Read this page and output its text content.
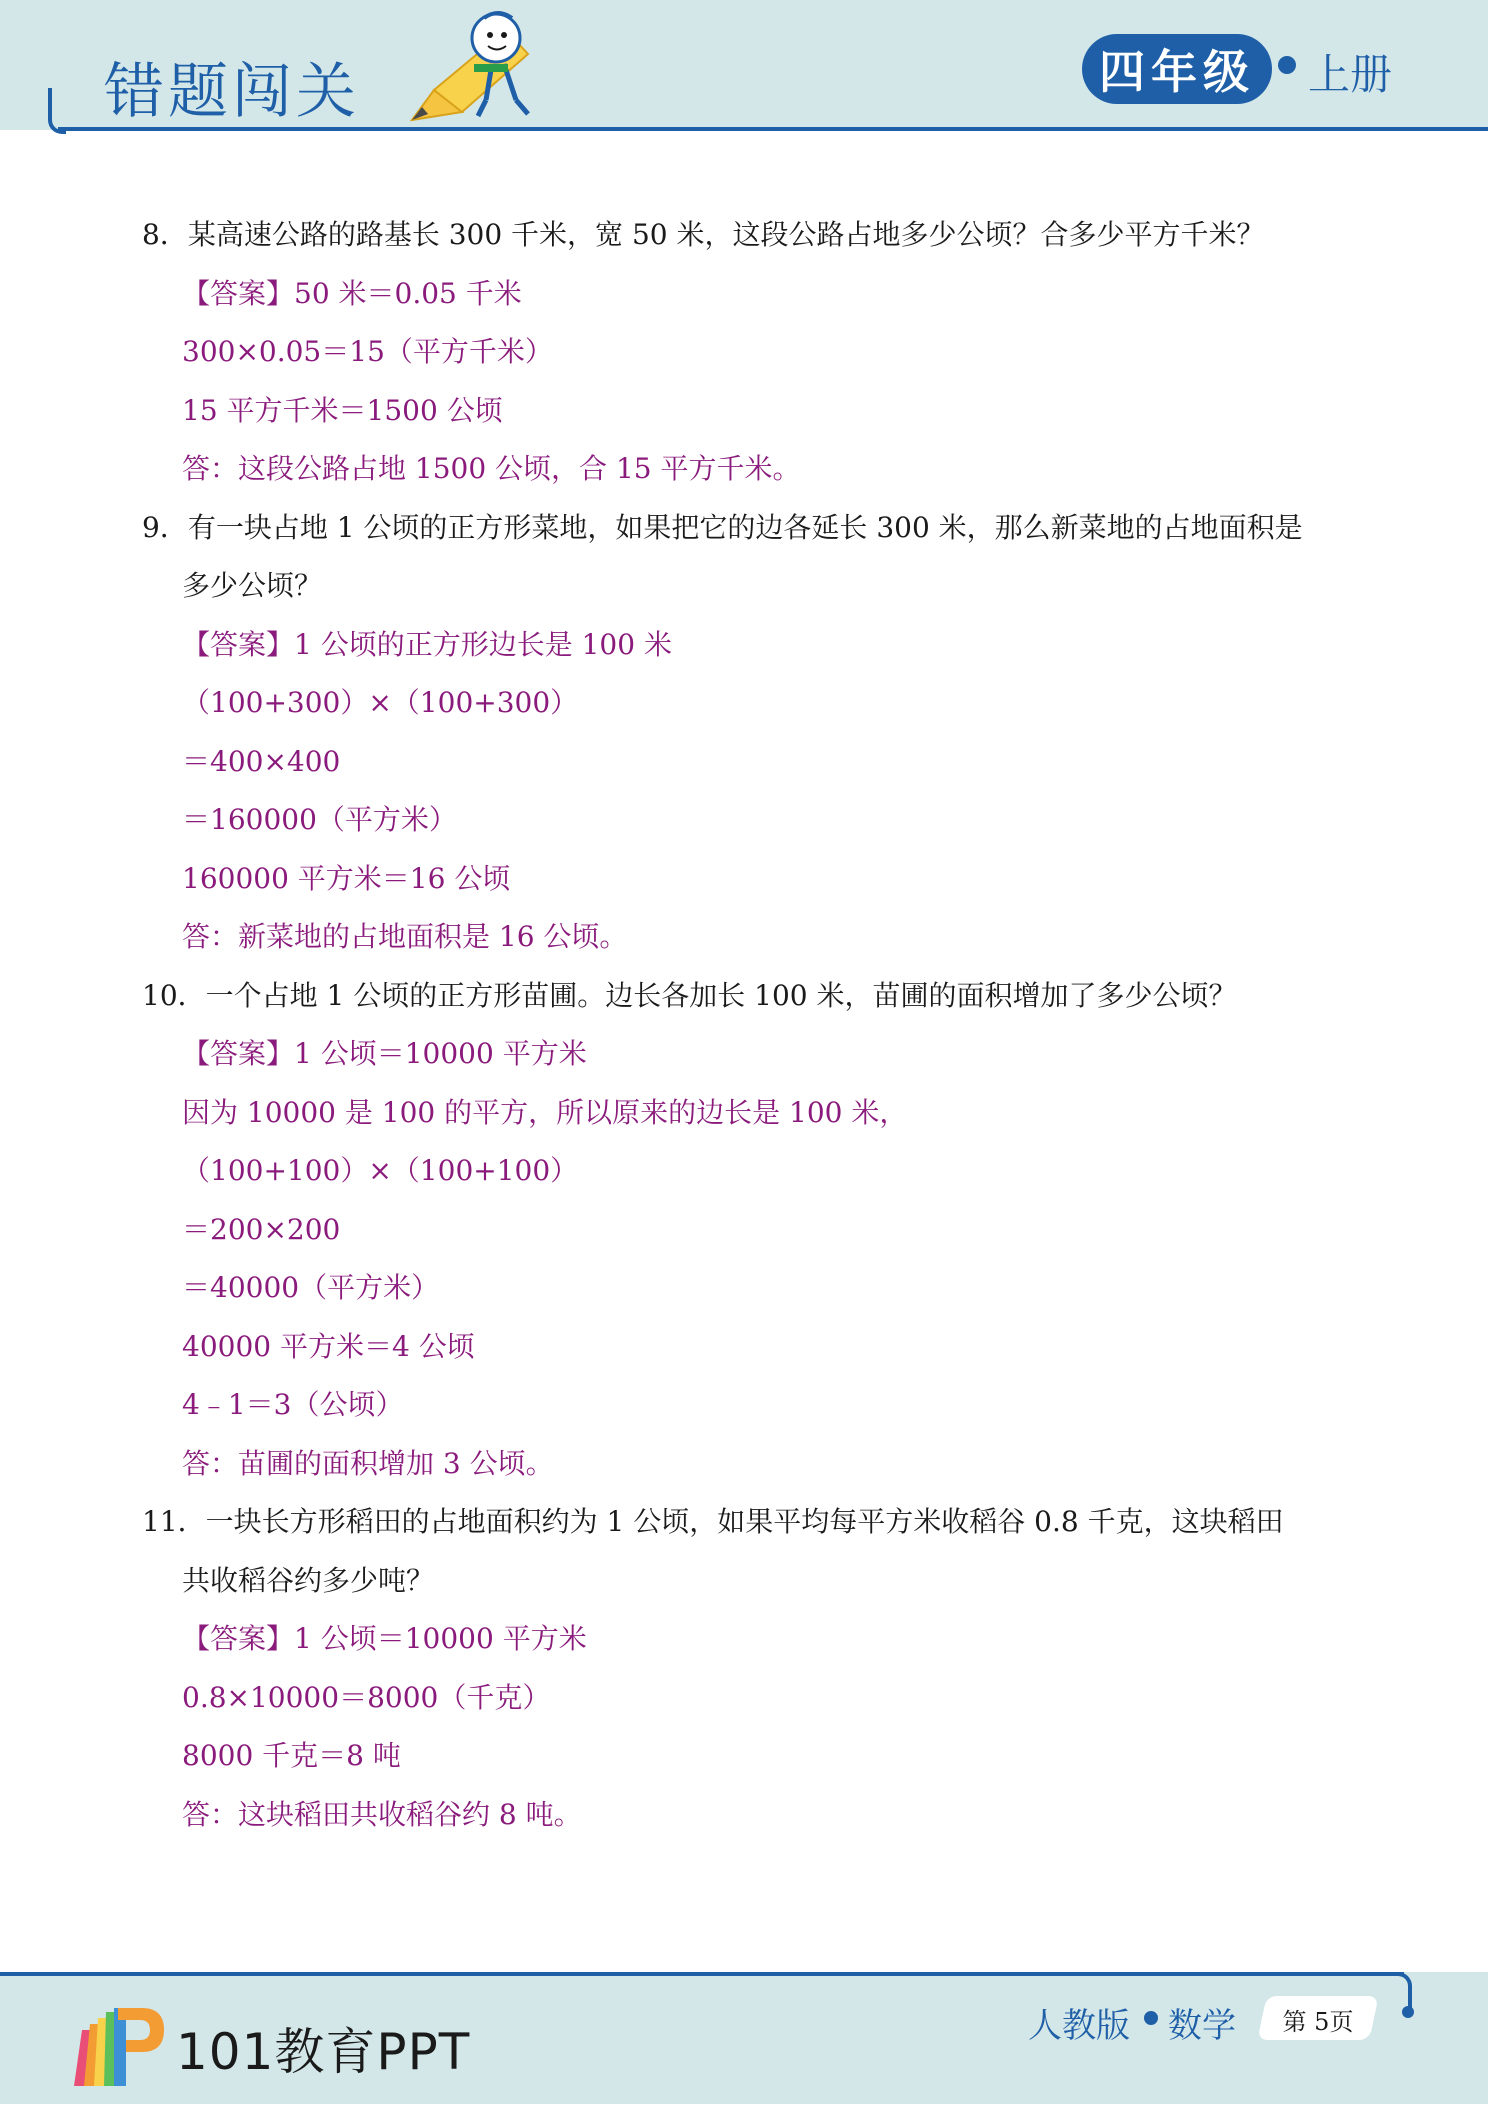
错题闯关	四年级 上册
8．某高速公路的路基长 300 千米，宽 50 米，这段公路占地多少公顷？合多少平方千米？
【答案】50 米＝0.05 千米
300×0.05＝15（平方千米）
15 平方千米＝1500 公顷
答：这段公路占地 1500 公顷，合 15 平方千米。
9．有一块占地 1 公顷的正方形菜地，如果把它的边各延长 300 米，那么新菜地的占地面积是
多少公顷？
【答案】1 公顷的正方形边长是 100 米
（100+300）×（100+300）
＝400×400
＝160000（平方米）
160000 平方米＝16 公顷
答：新菜地的占地面积是 16 公顷。
10．一个占地 1 公顷的正方形苗圃。边长各加长 100 米，苗圃的面积增加了多少公顷？
【答案】1 公顷＝10000 平方米
因为 10000 是 100 的平方，所以原来的边长是 100 米，
（100+100）×（100+100）
＝200×200
＝40000（平方米）
40000 平方米＝4 公顷
4﹣1＝3（公顷）
答：苗圃的面积增加 3 公顷。
11．一块长方形稻田的占地面积约为 1 公顷，如果平均每平方米收稻谷 0.8 千克，这块稻田
共收稻谷约多少吨？
【答案】1 公顷＝10000 平方米
0.8×10000＝8000（千克）
8000 千克＝8 吨
答：这块稻田共收稻谷约 8 吨。
101教育PPT	人教版 数学	第 5页
